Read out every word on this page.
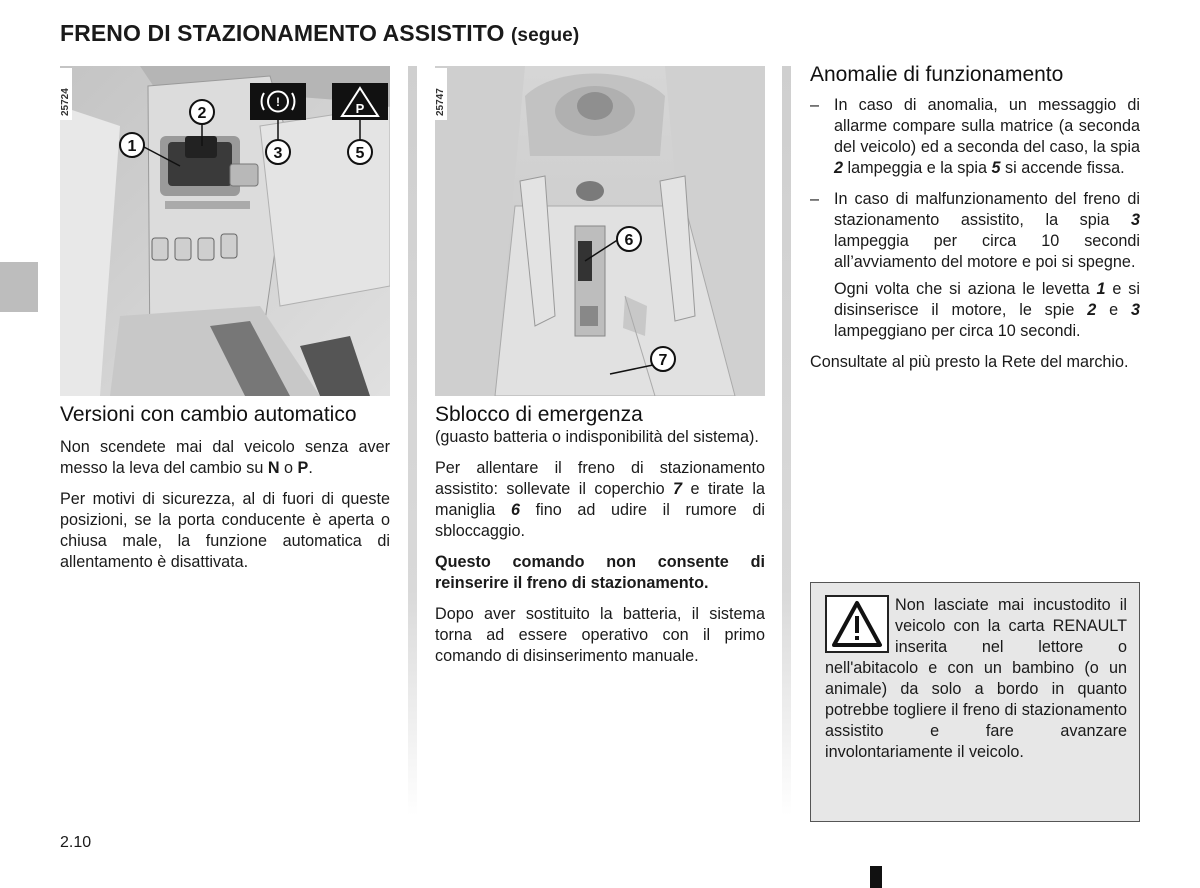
FRENO DI STAZIONAMENTO ASSISTITO (segue)
!	P
1
2
3	5
25724
6
7
25747
Versioni con cambio automatico

Non scendete mai dal veicolo senza aver messo la leva del cambio su N o P.

Per motivi di sicurezza, al di fuori di queste posizioni, se la porta conducente è aperta o chiusa male, la funzione automatica di allentamento è disattivata.

Sblocco di emergenza

(guasto batteria o indisponibilità del sistema).

Per allentare il freno di stazionamento assistito: sollevate il coperchio 7 e tirate la maniglia 6 fino ad udire il rumore di sbloccaggio.

Questo comando non consente di reinserire il freno di stazionamento.

Dopo aver sostituito la batteria, il sistema torna ad essere operativo con il primo comando di disinserimento manuale.

Anomalie di funzionamento
– In caso di anomalia, un messaggio di allarme compare sulla matrice (a seconda del veicolo) ed a seconda del caso, la spia 2 lampeggia e la spia 5 si accende fissa.
– In caso di malfunzionamento del freno di stazionamento assistito, la spia 3 lampeggia per circa 10 secondi all’avviamento del motore e poi si spegne.

Ogni volta che si aziona le levetta 1 e si disinserisce il motore, le spie 2 e 3 lampeggiano per circa 10 secondi.

Consultate al più presto la Rete del marchio.

Non lasciate mai incustodito il veicolo con la carta RENAULT inserita nel lettore o nell'abitacolo e con un bambino (o un animale) da solo a bordo in quanto potrebbe togliere il freno di stazionamento assistito e fare avanzare involontariamente il veicolo.
2.10
